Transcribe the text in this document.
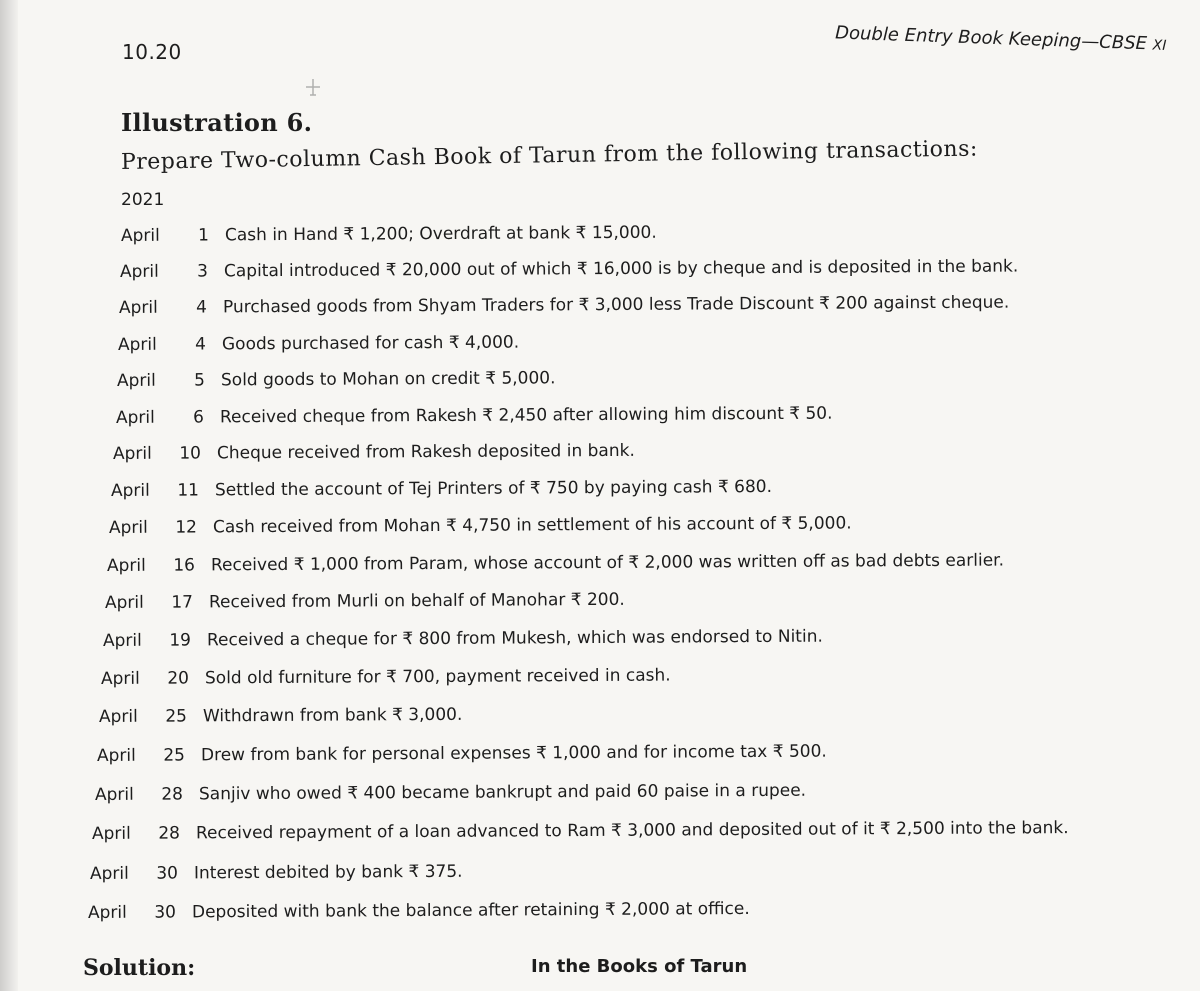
10.20	Double Entry Book Keeping—CBSE XI
Illustration 6.
Prepare Two-column Cash Book of Tarun from the following transactions:
2021
April	1 Cash in Hand ₹ 1,200; Overdraft at bank ₹ 15,000.
April	3 Capital introduced ₹ 20,000 out of which ₹ 16,000 is by cheque and is deposited in the bank.
April	4 Purchased goods from Shyam Traders for ₹ 3,000 less Trade Discount ₹ 200 against cheque.
April	4 Goods purchased for cash ₹ 4,000.
April	5 Sold goods to Mohan on credit ₹ 5,000.
April	6 Received cheque from Rakesh ₹ 2,450 after allowing him discount ₹ 50.
April	10 Cheque received from Rakesh deposited in bank.
April	11 Settled the account of Tej Printers of ₹ 750 by paying cash ₹ 680.
April	12 Cash received from Mohan ₹ 4,750 in settlement of his account of ₹ 5,000.
April	16 Received ₹ 1,000 from Param, whose account of ₹ 2,000 was written off as bad debts earlier.
April	17 Received from Murli on behalf of Manohar ₹ 200.
April	19 Received a cheque for ₹ 800 from Mukesh, which was endorsed to Nitin.
April	20 Sold old furniture for ₹ 700, payment received in cash.
April	25 Withdrawn from bank ₹ 3,000.
April	25 Drew from bank for personal expenses ₹ 1,000 and for income tax ₹ 500.
April	28 Sanjiv who owed ₹ 400 became bankrupt and paid 60 paise in a rupee.
April	28 Received repayment of a loan advanced to Ram ₹ 3,000 and deposited out of it ₹ 2,500 into the bank.
April	30 Interest debited by bank ₹ 375.
April	30 Deposited with bank the balance after retaining ₹ 2,000 at office.
Solution:	In the Books of Tarun
